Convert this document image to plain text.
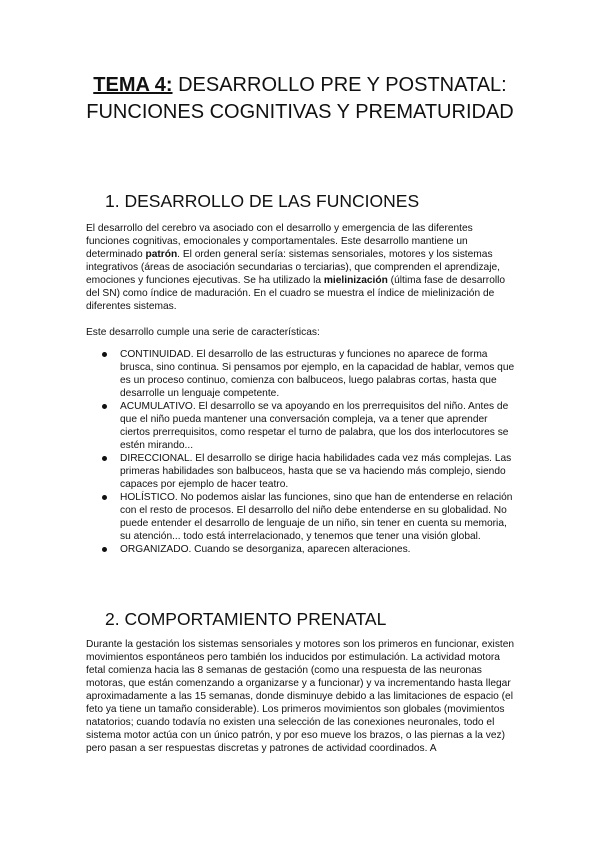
TEMA 4: DESARROLLO PRE Y POSTNATAL: FUNCIONES COGNITIVAS Y PREMATURIDAD
1. DESARROLLO DE LAS FUNCIONES

El desarrollo del cerebro va asociado con el desarrollo y emergencia de las diferentes funciones cognitivas, emocionales y comportamentales. Este desarrollo mantiene un determinado patrón. El orden general sería: sistemas sensoriales, motores y los sistemas integrativos (áreas de asociación secundarias o terciarias), que comprenden el aprendizaje, emociones y funciones ejecutivas. Se ha utilizado la mielinización (última fase de desarrollo del SN) como índice de maduración. En el cuadro se muestra el índice de mielinización de diferentes sistemas.

Este desarrollo cumple una serie de características:

CONTINUIDAD. El desarrollo de las estructuras y funciones no aparece de forma brusca, sino continua. Si pensamos por ejemplo, en la capacidad de hablar, vemos que es un proceso continuo, comienza con balbuceos, luego palabras cortas, hasta que desarrolle un lenguaje competente.
ACUMULATIVO. El desarrollo se va apoyando en los prerrequisitos del niño. Antes de que el niño pueda mantener una conversación compleja, va a tener que aprender ciertos prerrequisitos, como respetar el turno de palabra, que los dos interlocutores se estén mirando...
DIRECCIONAL. El desarrollo se dirige hacia habilidades cada vez más complejas. Las primeras habilidades son balbuceos, hasta que se va haciendo más complejo, siendo capaces por ejemplo de hacer teatro.
HOLÍSTICO. No podemos aislar las funciones, sino que han de entenderse en relación con el resto de procesos. El desarrollo del niño debe entenderse en su globalidad. No puede entender el desarrollo de lenguaje de un niño, sin tener en cuenta su memoria, su atención... todo está interrelacionado, y tenemos que tener una visión global.
ORGANIZADO. Cuando se desorganiza, aparecen alteraciones.
2. COMPORTAMIENTO PRENATAL

Durante la gestación los sistemas sensoriales y motores son los primeros en funcionar, existen movimientos espontáneos pero también los inducidos por estimulación. La actividad motora fetal comienza hacia las 8 semanas de gestación (como una respuesta de las neuronas motoras, que están comenzando a organizarse y a funcionar) y va incrementando hasta llegar aproximadamente a las 15 semanas, donde disminuye debido a las limitaciones de espacio (el feto ya tiene un tamaño considerable). Los primeros movimientos son globales (movimientos natatorios; cuando todavía no existen una selección de las conexiones neuronales, todo el sistema motor actúa con un único patrón, y por eso mueve los brazos, o las piernas a la vez) pero pasan a ser respuestas discretas y patrones de actividad coordinados. A
